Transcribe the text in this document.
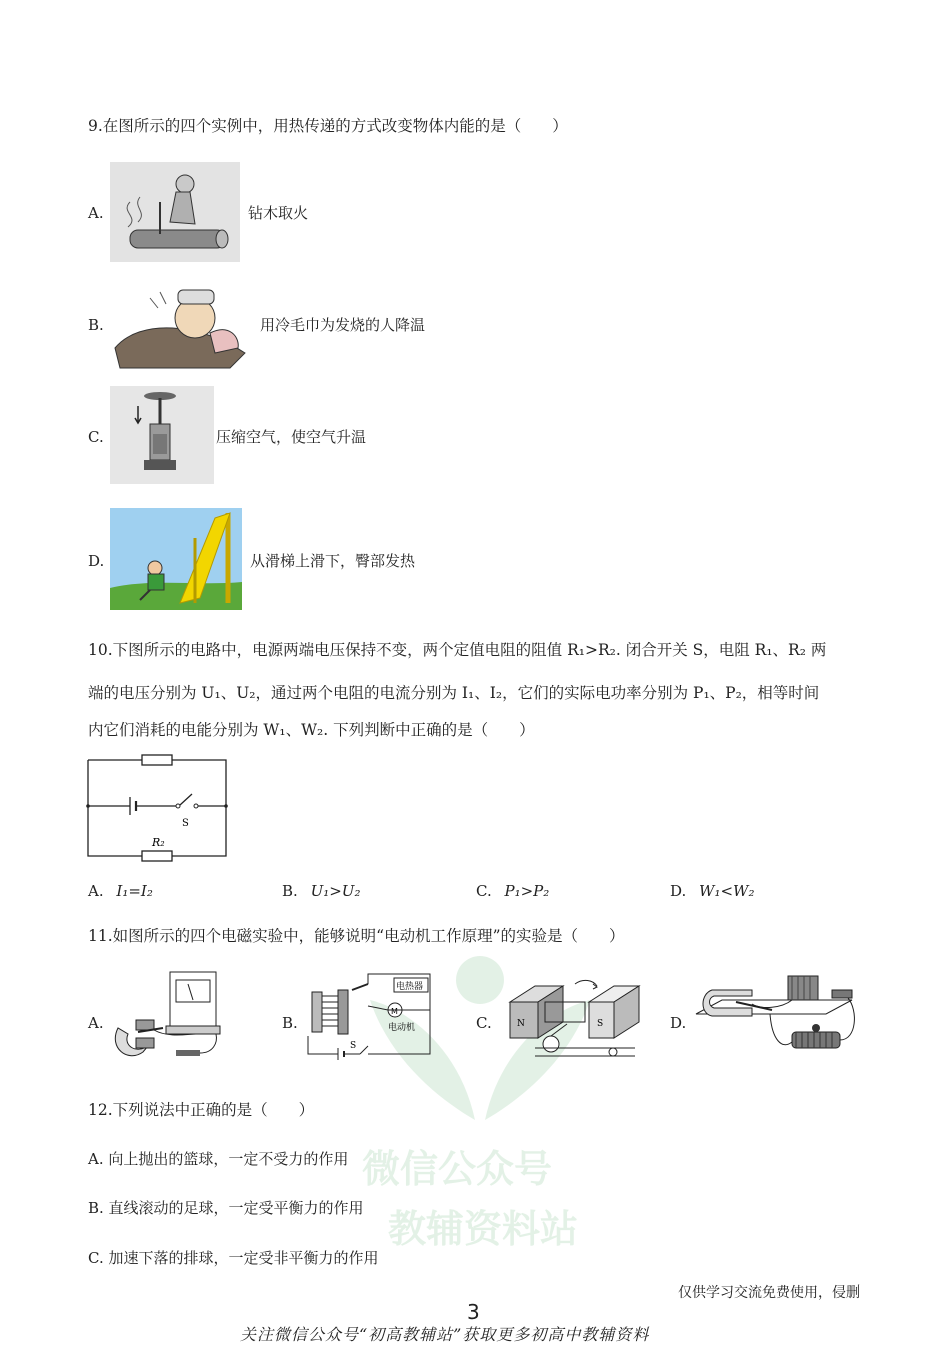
微信公众号
教辅资料站
9.在图所示的四个实例中，用热传递的方式改变物体内能的是（　　）
A.	钻木取火
B.	用冷毛巾为发烧的人降温
C.	压缩空气，使空气升温
D.	从滑梯上滑下，臀部发热
10.下图所示的电路中，电源两端电压保持不变，两个定值电阻的阻值 R₁>R₂. 闭合开关 S，电阻 R₁、R₂ 两
端的电压分别为 U₁、U₂，通过两个电阻的电流分别为 I₁、I₂，它们的实际电功率分别为 P₁、P₂，相等时间
内它们消耗的电能分别为 W₁、W₂. 下列判断中正确的是（　　）
S
R₂
A. I₁=I₂	B. U₁>U₂	C. P₁>P₂	D. W₁<W₂
11.如图所示的四个电磁实验中，能够说明“电动机工作原理”的实验是（　　）
A.	B.
电热器
M
电动机
S
C.	N	S	D.
12.下列说法中正确的是（　　）
A. 向上抛出的篮球，一定不受力的作用
B. 直线滚动的足球，一定受平衡力的作用
C. 加速下落的排球，一定受非平衡力的作用
仅供学习交流免费使用，侵删
3
关注微信公众号“初高教辅站”获取更多初高中教辅资料
